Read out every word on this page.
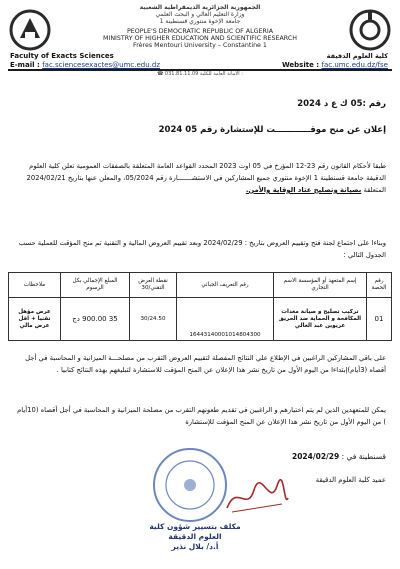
الجمهورية الجزائرية الديمقراطية الشعبية
وزارة التعليم العالي و البحث العلمي
جامعة الإخوة منتوري قسنطينة 1
PEOPLE'S DEMOCRATIC REPUBLIC OF ALGERIA
MINISTRY OF HIGHER EDUCATION AND SCIENTIFIC RESEARCH
Frères Mentouri University – Constantine 1
Faculty of Exacts Sciences	كلية العلوم الدقيقة
E-mail : fac.sciencesexactes@umc.edu.dz	Website : fac.umc.edu.dz/fse
☎ 031.81.11.09 الأمانة العامة للكلية :
رقم :05 ك ع د 2024
إعلان عن منح موقــــــــــــت للإستشارة رقم 05 2024
طبقا لأحكام القانون رقم 23-12 المؤرخ في 05 اوت 2023 المحدد القواعد العامة المتعلقة بالصفقات العمومية تعلن كلية العلوم الدقيقة جامعة قسنطينة 1 الإخوة منتوري جميع المشاركين في الاستشـــــــارة رقم 05/2024، والمعلن عنها بتاريخ 2024/02/21 المتعلقة بصيانة وتصليح عتاد الوقاية والأمن.
وبناءا على اجتماع لجنة فتح وتقييم العروض بتاريخ : 2024/02/29 وبعد تقييم العروض المالية و التقنية تم منح المؤقت للعملية حسب الجدول التالي :
رقم الحصة	إسم المتعهد أو المؤسسة الاسم التجاري	رقم التعريف الجبائي	نقطة العرض التقني/30	المبلغ الإجمالي بكل الرسوم	ملاحظات
01	تركيب تصليح و صيانة معدات المكافحة و الحماية ضد الحريق عريوين عبد العالي	16443140001014804300	30/24.50	35 900.00 دج	عرض مؤهل تقنيا + اقل عرض مالي
على باقي المشاركين الراغبين في الإطلاع علي النتائج المفصلة لتقييم العروض التقرب من مصلحـــة الميزانية و المحاسبة في أجل أقصاه (3أيام)إبتداءا من اليوم الأول من تاريخ نشر هذا الإعلان عن المنح المؤقت للاستشارة لتبليغهم بهذه النتائج كتابيا .
يمكن للمتعهدين الذين لم يتم اختيارهم و الراغبين في تقديم طعونهم التقرب من مصلحة الميزانية و المحاسبة في أجل أقصاه (10أيام ) من اليوم الأول من تاريخ نشر هذا الإعلان عن المنح المؤقت للإستشارة
قسنطينة في : 2024/02/29
عميد كلية العلوم الدقيقة
مكلف بتسيير شؤون كلية
العلوم الدقيقة
أ.د/ بلال نذير
